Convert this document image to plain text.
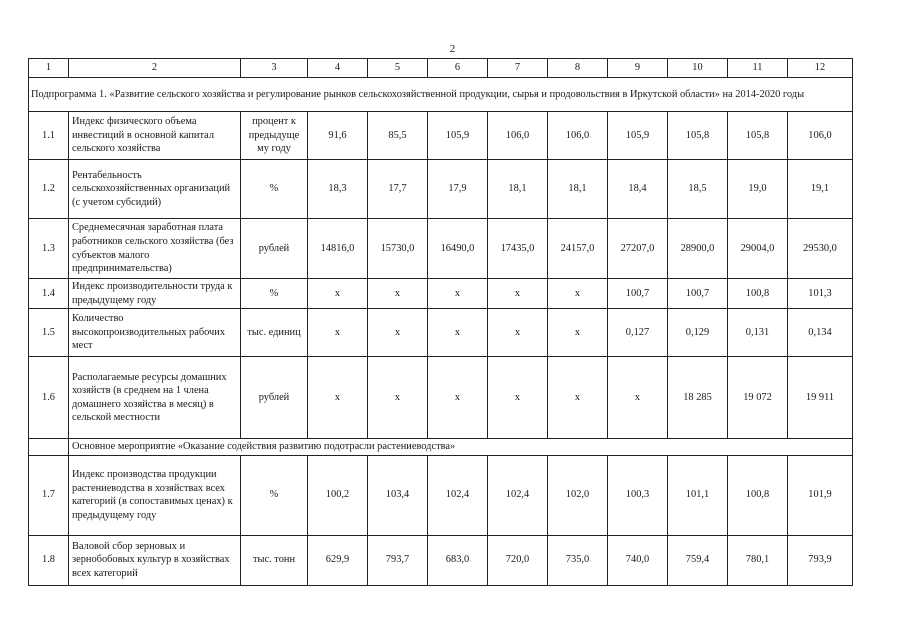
2
1	2	3	4	5	6	7	8	9	10	11	12
Подпрограмма 1. «Развитие сельского хозяйства и регулирование рынков сельскохозяйственной продукции, сырья и продовольствия в Иркутской области» на 2014-2020 годы											
1.1	Индекс физического объема инвестиций в основной капитал сельского хозяйства	процент к предыдуще му году	91,6	85,5	105,9	106,0	106,0	105,9	105,8	105,8	106,0
1.2	Рентабельность сельскохозяйственных организаций (с учетом субсидий)	%	18,3	17,7	17,9	18,1	18,1	18,4	18,5	19,0	19,1
1.3	Среднемесячная заработная плата работников сельского хозяйства (без субъектов малого предпринимательства)	рублей	14816,0	15730,0	16490,0	17435,0	24157,0	27207,0	28900,0	29004,0	29530,0
1.4	Индекс производительности труда к предыдущему году	%	х	х	х	х	х	100,7	100,7	100,8	101,3
1.5	Количество высокопроизводительных рабочих мест	тыс. единиц	х	х	х	х	х	0,127	0,129	0,131	0,134
1.6	Располагаемые ресурсы домашних хозяйств (в среднем на 1 члена домашнего хозяйства в месяц) в сельской местности	рублей	х	х	х	х	х	х	18 285	19 072	19 911
	Основное мероприятие «Оказание содействия развитию подотрасли растениеводства»										
1.7	Индекс производства продукции растениеводства в хозяйствах всех категорий (в сопоставимых ценах) к предыдущему году	%	100,2	103,4	102,4	102,4	102,0	100,3	101,1	100,8	101,9
1.8	Валовой сбор зерновых и зернобобовых культур в хозяйствах всех категорий	тыс. тонн	629,9	793,7	683,0	720,0	735,0	740,0	759,4	780,1	793,9
